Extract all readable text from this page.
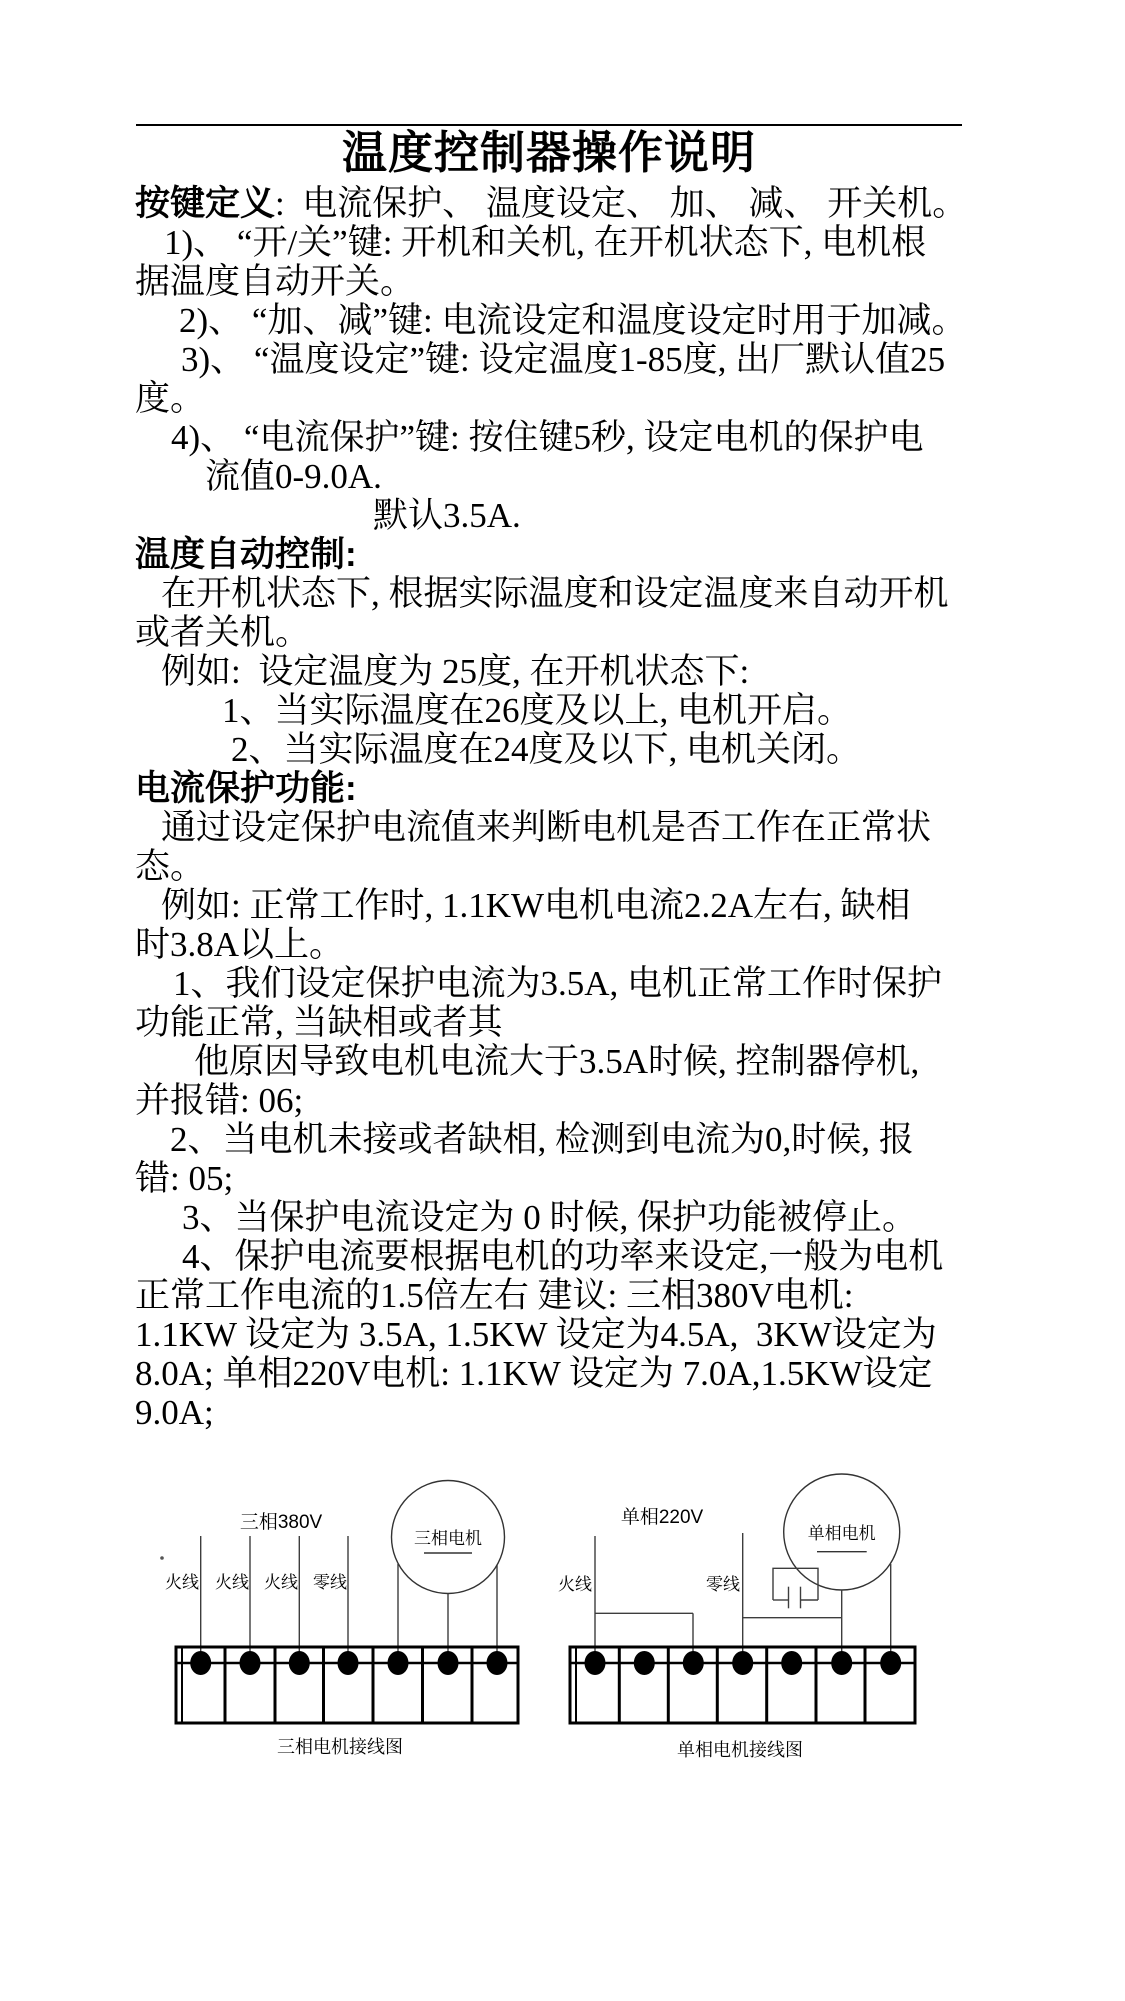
温度控制器操作说明
按键定义:  电流保护、 温度设定、 加、 减、 开关机。
1)、 “开/关”键: 开机和关机, 在开机状态下, 电机根
据温度自动开关。
2)、 “加、减”键: 电流设定和温度设定时用于加减。
3)、 “温度设定”键: 设定温度1-85度, 出厂默认值25
度。
4)、 “电流保护”键: 按住键5秒, 设定电机的保护电
流值0-9.0A.
默认3.5A.
温度自动控制:
在开机状态下, 根据实际温度和设定温度来自动开机
或者关机。
例如:  设定温度为 25度, 在开机状态下:
1、当实际温度在26度及以上, 电机开启。
2、当实际温度在24度及以下, 电机关闭。
电流保护功能:
通过设定保护电流值来判断电机是否工作在正常状
态。
例如: 正常工作时, 1.1KW电机电流2.2A左右, 缺相
时3.8A以上。
1、我们设定保护电流为3.5A, 电机正常工作时保护
功能正常, 当缺相或者其
他原因导致电机电流大于3.5A时候, 控制器停机,
并报错: 06;
2、当电机未接或者缺相, 检测到电流为0,时候, 报
错: 05;
3、当保护电流设定为 0 时候, 保护功能被停止。
4、保护电流要根据电机的功率来设定,一般为电机
正常工作电流的1.5倍左右 建议: 三相380V电机:
1.1KW 设定为 3.5A, 1.5KW 设定为4.5A,  3KW设定为
8.0A; 单相220V电机: 1.1KW 设定为 7.0A,1.5KW设定
9.0A;
三相380V
火线 火线 火线 零线
三相电机
三相电机接线图
单相220V
火线	零线
单相电机
单相电机接线图
